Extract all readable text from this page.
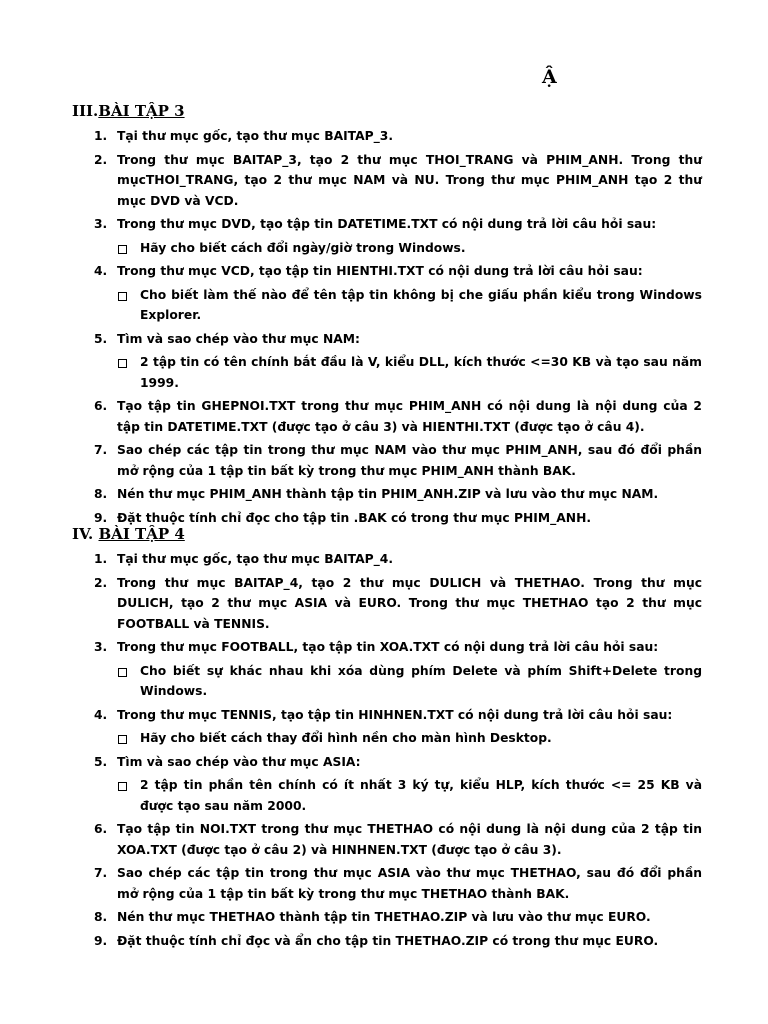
Ậ
III.BÀI TẬP 3
1. Tại thư mục gốc, tạo thư mục BAITAP_3.
2. Trong thư mục BAITAP_3, tạo 2 thư mục THOI_TRANG và PHIM_ANH. Trong thư mụcTHOI_TRANG, tạo 2 thư mục NAM và NU. Trong thư mục PHIM_ANH tạo 2 thư mục DVD và VCD.
3. Trong thư mục DVD, tạo tập tin DATETIME.TXT có nội dung trả lời câu hỏi sau:
Hãy cho biết cách đổi ngày/giờ trong Windows.
4. Trong thư mục VCD, tạo tập tin HIENTHI.TXT có nội dung trả lời câu hỏi sau:
Cho biết làm thế nào để tên tập tin không bị che giấu phần kiểu trong Windows Explorer.
5. Tìm và sao chép vào thư mục NAM:
2 tập tin có tên chính bắt đầu là V, kiểu DLL, kích thước <=30 KB và tạo sau năm 1999.
6. Tạo tập tin GHEPNOI.TXT trong thư mục PHIM_ANH có nội dung là nội dung của 2 tập tin DATETIME.TXT (được tạo ở câu 3) và HIENTHI.TXT (được tạo ở câu 4).
7. Sao chép các tập tin trong thư mục NAM vào thư mục PHIM_ANH, sau đó đổi phần mở rộng của 1 tập tin bất kỳ trong thư mục PHIM_ANH thành BAK.
8. Nén thư mục PHIM_ANH thành tập tin PHIM_ANH.ZIP và lưu vào thư mục NAM.
9. Đặt thuộc tính chỉ đọc cho tập tin .BAK có trong thư mục PHIM_ANH.
IV. BÀI TẬP 4
1. Tại thư mục gốc, tạo thư mục BAITAP_4.
2. Trong thư mục BAITAP_4, tạo 2 thư mục DULICH và THETHAO. Trong thư mục DULICH, tạo 2 thư mục ASIA và EURO. Trong thư mục THETHAO tạo 2 thư mục FOOTBALL và TENNIS.
3. Trong thư mục FOOTBALL, tạo tập tin XOA.TXT có nội dung trả lời câu hỏi sau:
Cho biết sự khác nhau khi xóa dùng phím Delete và phím Shift+Delete trong Windows.
4. Trong thư mục TENNIS, tạo tập tin HINHNEN.TXT có nội dung trả lời câu hỏi sau:
Hãy cho biết cách thay đổi hình nền cho màn hình Desktop.
5. Tìm và sao chép vào thư mục ASIA:
2 tập tin phần tên chính có ít nhất 3 ký tự, kiểu HLP, kích thước <= 25 KB và được tạo sau năm 2000.
6. Tạo tập tin NOI.TXT trong thư mục THETHAO có nội dung là nội dung của 2 tập tin XOA.TXT (được tạo ở câu 2) và HINHNEN.TXT (được tạo ở câu 3).
7. Sao chép các tập tin trong thư mục ASIA vào thư mục THETHAO, sau đó đổi phần mở rộng của 1 tập tin bất kỳ trong thư mục THETHAO thành BAK.
8. Nén thư mục THETHAO thành tập tin THETHAO.ZIP và lưu vào thư mục EURO.
9. Đặt thuộc tính chỉ đọc và ẩn cho tập tin THETHAO.ZIP có trong thư mục EURO.
